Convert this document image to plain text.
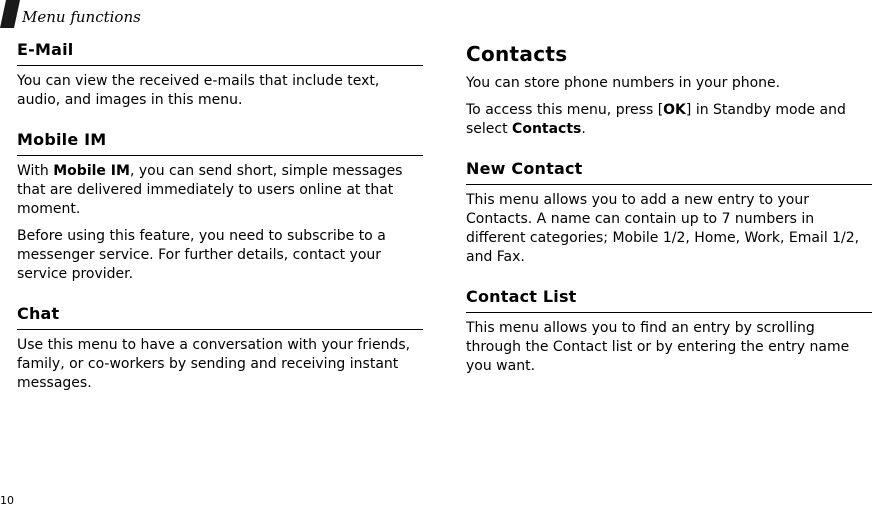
Menu functions
E-Mail

You can view the received e-mails that include text, audio, and images in this menu.

Mobile IM

With Mobile IM, you can send short, simple messages that are delivered immediately to users online at that moment.

Before using this feature, you need to subscribe to a messenger service. For further details, contact your service provider.

Chat

Use this menu to have a conversation with your friends, family, or co-workers by sending and receiving instant messages.

Contacts

You can store phone numbers in your phone.

To access this menu, press [OK] in Standby mode and select Contacts.

New Contact

This menu allows you to add a new entry to your Contacts. A name can contain up to 7 numbers in different categories; Mobile 1/2, Home, Work, Email 1/2, and Fax.

Contact List

This menu allows you to find an entry by scrolling through the Contact list or by entering the entry name you want.

10
